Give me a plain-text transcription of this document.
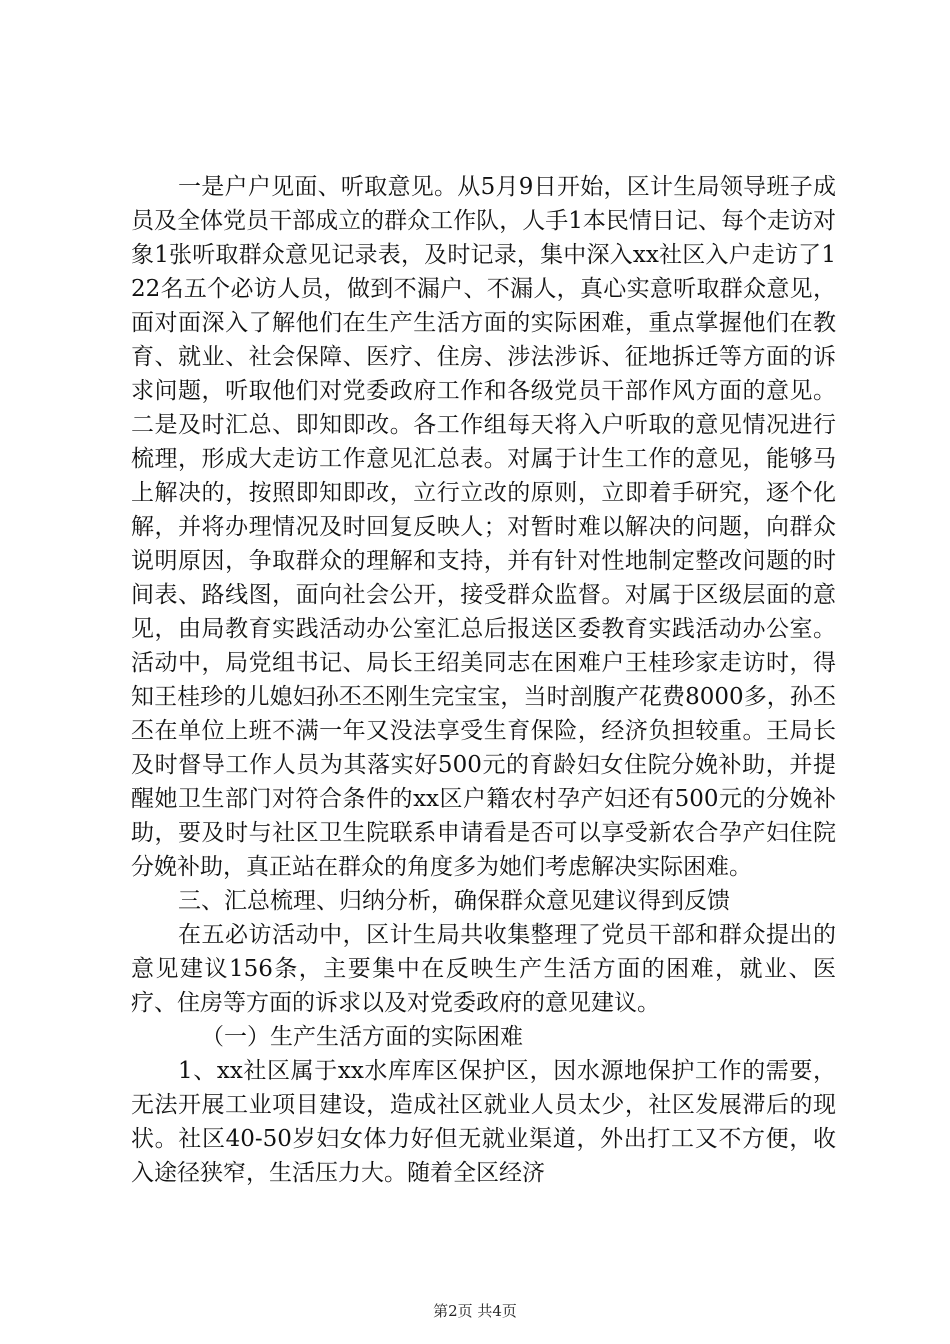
一是户户见面、听取意见。从5月9日开始，区计生局领导班子成员及全体党员干部成立的群众工作队，人手1本民情日记、每个走访对象1张听取群众意见记录表，及时记录，集中深入xx社区入户走访了122名五个必访人员，做到不漏户、不漏人，真心实意听取群众意见，面对面深入了解他们在生产生活方面的实际困难，重点掌握他们在教育、就业、社会保障、医疗、住房、涉法涉诉、征地拆迁等方面的诉求问题，听取他们对党委政府工作和各级党员干部作风方面的意见。二是及时汇总、即知即改。各工作组每天将入户听取的意见情况进行梳理，形成大走访工作意见汇总表。对属于计生工作的意见，能够马上解决的，按照即知即改，立行立改的原则，立即着手研究，逐个化解，并将办理情况及时回复反映人；对暂时难以解决的问题，向群众说明原因，争取群众的理解和支持，并有针对性地制定整改问题的时间表、路线图，面向社会公开，接受群众监督。对属于区级层面的意见，由局教育实践活动办公室汇总后报送区委教育实践活动办公室。活动中，局党组书记、局长王绍美同志在困难户王桂珍家走访时，得知王桂珍的儿媳妇孙丕丕刚生完宝宝，当时剖腹产花费8000多，孙丕丕在单位上班不满一年又没法享受生育保险，经济负担较重。王局长及时督导工作人员为其落实好500元的育龄妇女住院分娩补助，并提醒她卫生部门对符合条件的xx区户籍农村孕产妇还有500元的分娩补助，要及时与社区卫生院联系申请看是否可以享受新农合孕产妇住院分娩补助，真正站在群众的角度多为她们考虑解决实际困难。

三、汇总梳理、归纳分析，确保群众意见建议得到反馈

在五必访活动中，区计生局共收集整理了党员干部和群众提出的意见建议156条，主要集中在反映生产生活方面的困难，就业、医疗、住房等方面的诉求以及对党委政府的意见建议。

（一）生产生活方面的实际困难

1、xx社区属于xx水库库区保护区，因水源地保护工作的需要，无法开展工业项目建设，造成社区就业人员太少，社区发展滞后的现状。社区40-50岁妇女体力好但无就业渠道，外出打工又不方便，收入途径狭窄，生活压力大。随着全区经济

第2页 共4页
